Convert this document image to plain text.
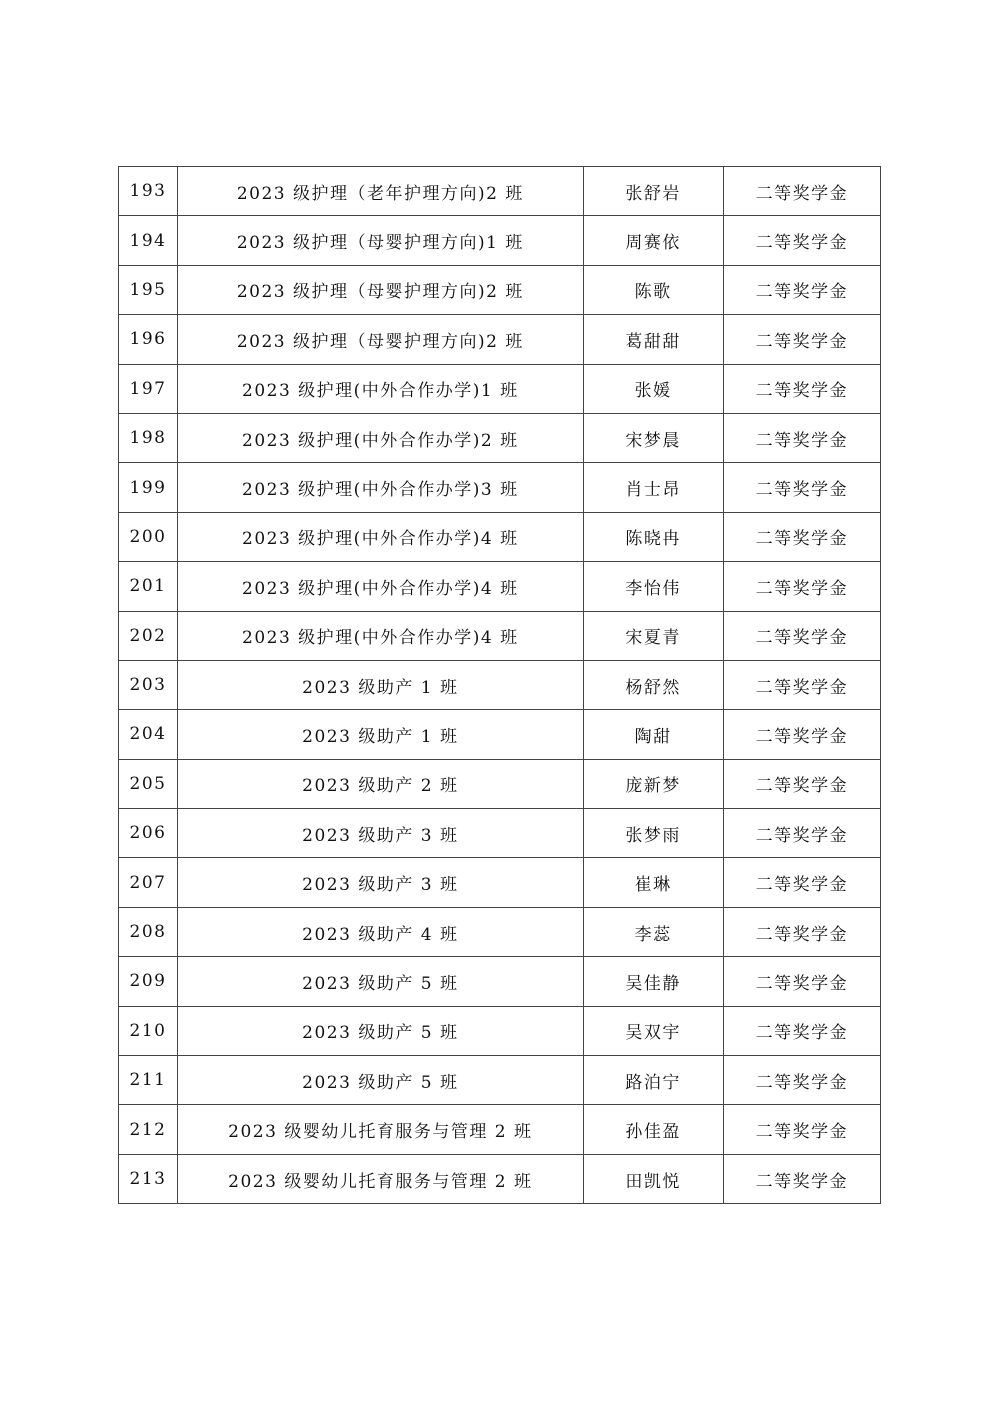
193	2023 级护理（老年护理方向)2 班	张舒岩	二等奖学金
194	2023 级护理（母婴护理方向)1 班	周赛依	二等奖学金
195	2023 级护理（母婴护理方向)2 班	陈歌	二等奖学金
196	2023 级护理（母婴护理方向)2 班	葛甜甜	二等奖学金
197	2023 级护理(中外合作办学)1 班	张媛	二等奖学金
198	2023 级护理(中外合作办学)2 班	宋梦晨	二等奖学金
199	2023 级护理(中外合作办学)3 班	肖士昂	二等奖学金
200	2023 级护理(中外合作办学)4 班	陈晓冉	二等奖学金
201	2023 级护理(中外合作办学)4 班	李怡伟	二等奖学金
202	2023 级护理(中外合作办学)4 班	宋夏青	二等奖学金
203	2023 级助产 1 班	杨舒然	二等奖学金
204	2023 级助产 1 班	陶甜	二等奖学金
205	2023 级助产 2 班	庞新梦	二等奖学金
206	2023 级助产 3 班	张梦雨	二等奖学金
207	2023 级助产 3 班	崔琳	二等奖学金
208	2023 级助产 4 班	李蕊	二等奖学金
209	2023 级助产 5 班	吴佳静	二等奖学金
210	2023 级助产 5 班	吴双宇	二等奖学金
211	2023 级助产 5 班	路泊宁	二等奖学金
212	2023 级婴幼儿托育服务与管理 2 班	孙佳盈	二等奖学金
213	2023 级婴幼儿托育服务与管理 2 班	田凯悦	二等奖学金
